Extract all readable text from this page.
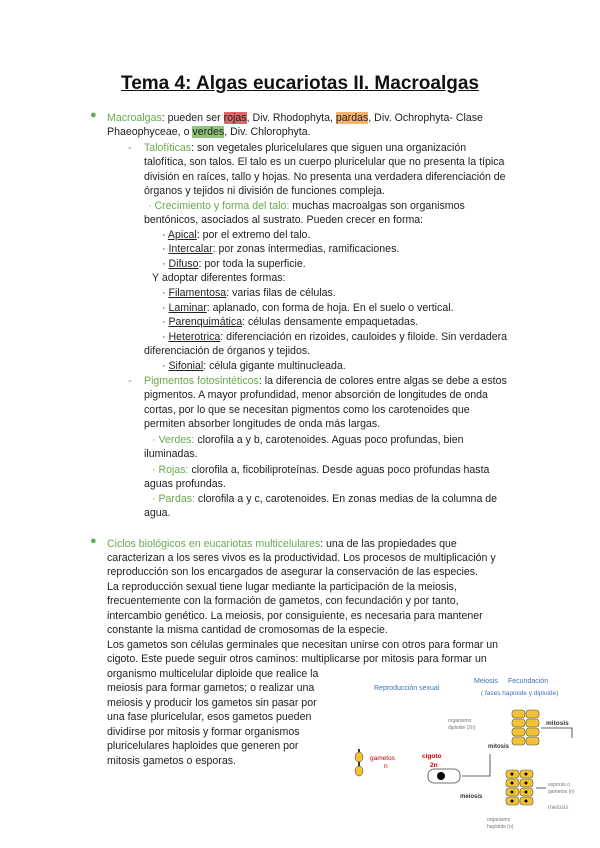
Tema 4: Algas eucariotas II. Macroalgas
● Macroalgas: pueden ser rojas, Div. Rhodophyta, pardas, Div. Ochrophyta- Clase
Phaeophyceae, o verdes, Div. Chlorophyta.
- Talofíticas: son vegetales pluricelulares que siguen una organización
talofítica, son talos. El talo es un cuerpo pluricelular que no presenta la típica
división en raíces, tallo y hojas. No presenta una verdadera diferenciación de
órganos y tejidos ni división de funciones compleja.
· Crecimiento y forma del talo: muchas macroalgas son organismos
bentónicos, asociados al sustrato. Pueden crecer en forma:
· Apical: por el extremo del talo.
· Intercalar: por zonas intermedias, ramificaciones.
· Difuso: por toda la superficie.
Y adoptar diferentes formas:
· Filamentosa: varias filas de células.
· Laminar: aplanado, con forma de hoja. En el suelo o vertical.
· Parenquimática: células densamente empaquetadas.
· Heterotrica: diferenciación en rizoides, cauloides y filoide. Sin verdadera
diferenciación de órganos y tejidos.
· Sifonial: célula gigante multinucleada.
- Pigmentos fotosintéticos: la diferencia de colores entre algas se debe a estos
pigmentos. A mayor profundidad, menor absorción de longitudes de onda
cortas, por lo que se necesitan pigmentos como los carotenoides que
permiten absorber longitudes de onda más largas.
· Verdes: clorofila a y b, carotenoides. Aguas poco profundas, bien
iluminadas.
· Rojas: clorofila a, ficobiliproteínas. Desde aguas poco profundas hasta
aguas profundas.
· Pardas: clorofila a y c, carotenoides. En zonas medias de la columna de
agua.
● Ciclos biológicos en eucariotas multicelulares: una de las propiedades que
caracterizan a los seres vivos es la productividad. Los procesos de multiplicación y
reproducción son los encargados de asegurar la conservación de las especies.
La reproducción sexual tiene lugar mediante la participación de la meiosis,
frecuentemente con la formación de gametos, con fecundación y por tanto,
intercambio genético. La meiosis, por consiguiente, es necesaria para mantener
constante la misma cantidad de cromosomas de la especie.
Los gametos son células germinales que necesitan unirse con otros para formar un
cigoto. Este puede seguir otros caminos: multiplicarse por mitosis para formar un
organismo multicelular diploide que realice la
meiosis para formar gametos; o realizar una
meiosis y producir los gametos sin pasar por
una fase pluricelular, esos gametos pueden
dividirse por mitosis y formar organismos
pluricelulares haploides que generen por
mitosis gametos o esporas.
Reproducción sexual
Meiosis Fecundación
( fases haploide y diploide)
organismo
diploide (2n)
mitosis
mitosis
gametos
n
cigoto
2n
meiosis
esporas o
gametos (n)
meiosis
organismo
haploide (n)
